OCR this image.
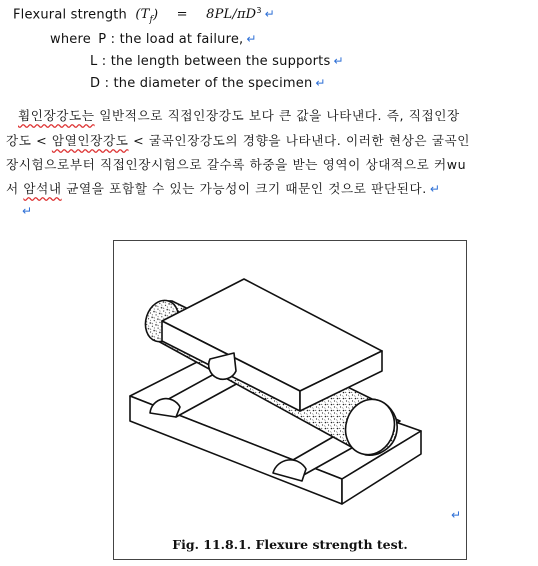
Flexural strength $(T_f) = 8PL/\pi D^3$ ↵
where P : the load at failure, ↵
L : the length between the supports ↵
D : the diameter of the specimen ↵
휨인장강도는 일반적으로 직접인장강도 보다 큰 값을 나타낸다. 즉, 직접인장
강도 < 암열인장강도 < 굴곡인장강도의 경향을 나타낸다. 이러한 현상은 굴곡인
장시험으로부터 직접인장시험으로 갈수록 하중을 받는 영역이 상대적으로 커wu
서 암석내 균열을 포함할 수 있는 가능성이 크기 때문인 것으로 판단된다. ↵
↵
Fig. 11.8.1. Flexure strength test.
↵
